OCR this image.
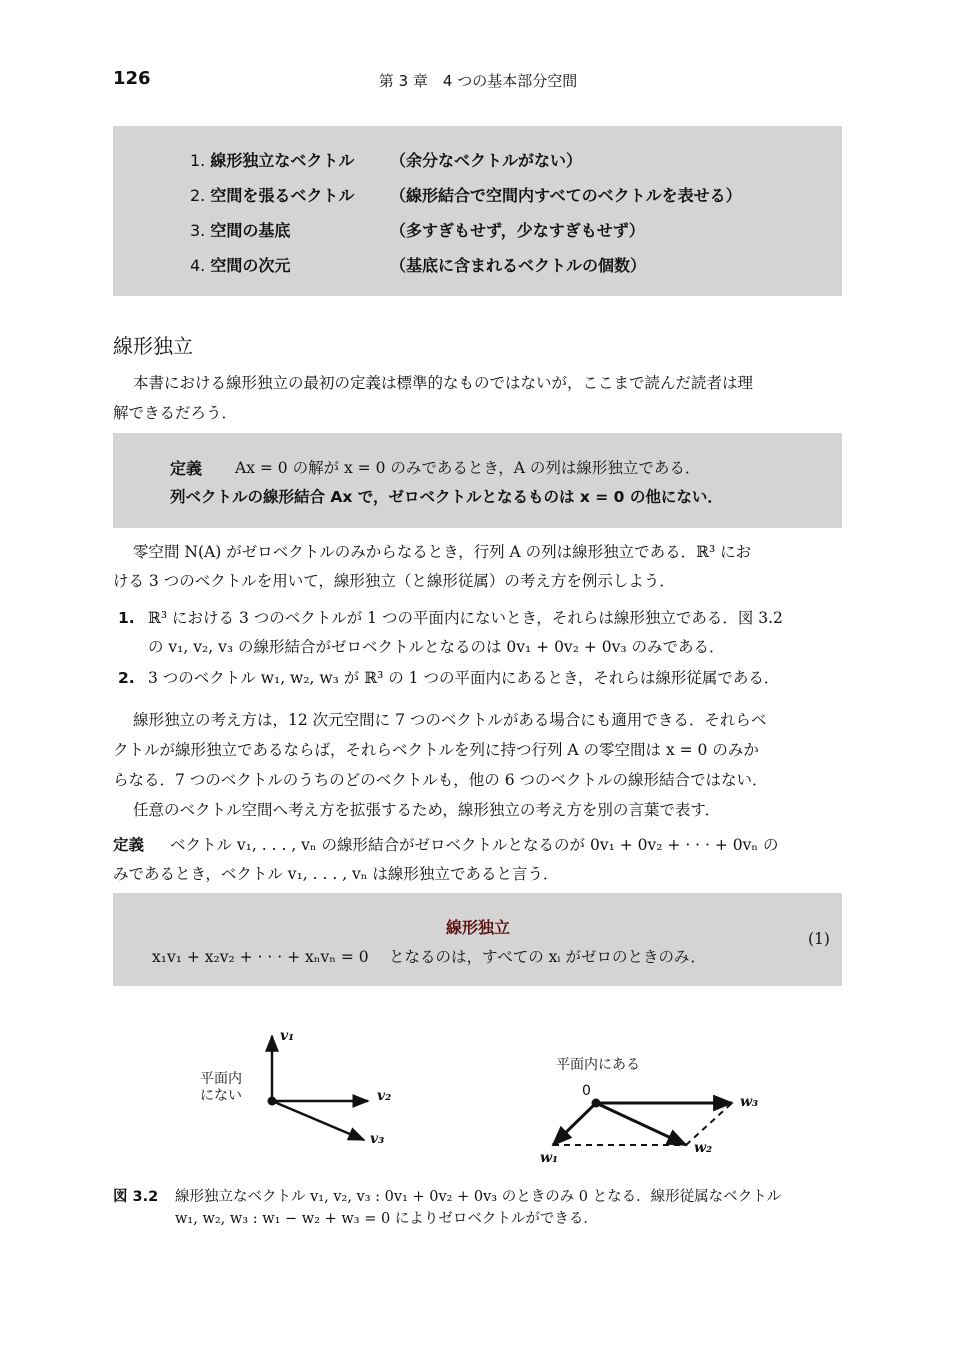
126	第 3 章　4 つの基本部分空間
1. 線形独立なベクトル （余分なベクトルがない）
2. 空間を張るベクトル （線形結合で空間内すべてのベクトルを表せる）
3. 空間の基底	（多すぎもせず，少なすぎもせず）
4. 空間の次元	（基底に含まれるベクトルの個数）
線形独立
本書における線形独立の最初の定義は標準的なものではないが，ここまで読んだ読者は理
解できるだろう．
定義 Ax = 0 の解が x = 0 のみであるとき，A の列は線形独立である．
列ベクトルの線形結合 Ax で，ゼロベクトルとなるものは x = 0 の他にない．
零空間 N(A) がゼロベクトルのみからなるとき，行列 A の列は線形独立である．ℝ³ にお
ける 3 つのベクトルを用いて，線形独立（と線形従属）の考え方を例示しよう．
1. ℝ³ における 3 つのベクトルが 1 つの平面内にないとき，それらは線形独立である．図 3.2
の v₁, v₂, v₃ の線形結合がゼロベクトルとなるのは 0v₁ + 0v₂ + 0v₃ のみである．
2. 3 つのベクトル w₁, w₂, w₃ が ℝ³ の 1 つの平面内にあるとき，それらは線形従属である．
線形独立の考え方は，12 次元空間に 7 つのベクトルがある場合にも適用できる．それらベ
クトルが線形独立であるならば，それらベクトルを列に持つ行列 A の零空間は x = 0 のみか
らなる．7 つのベクトルのうちのどのベクトルも，他の 6 つのベクトルの線形結合ではない．
任意のベクトル空間へ考え方を拡張するため，線形独立の考え方を別の言葉で表す．
定義 ベクトル v₁, . . . , vₙ の線形結合がゼロベクトルとなるのが 0v₁ + 0v₂ + · · · + 0vₙ の
みであるとき，ベクトル v₁, . . . , vₙ は線形独立であると言う．
線形独立
x₁v₁ + x₂v₂ + · · · + xₙvₙ = 0　 となるのは，すべての xᵢ がゼロのときのみ．
(1)
v₁
v₂
v₃
平面内
にない
平面内にある
0
w₁
w₂
w₃
図 3.2 線形独立なベクトル v₁, v₂, v₃ : 0v₁ + 0v₂ + 0v₃ のときのみ 0 となる．線形従属なベクトル
w₁, w₂, w₃ : w₁ − w₂ + w₃ = 0 によりゼロベクトルができる．
